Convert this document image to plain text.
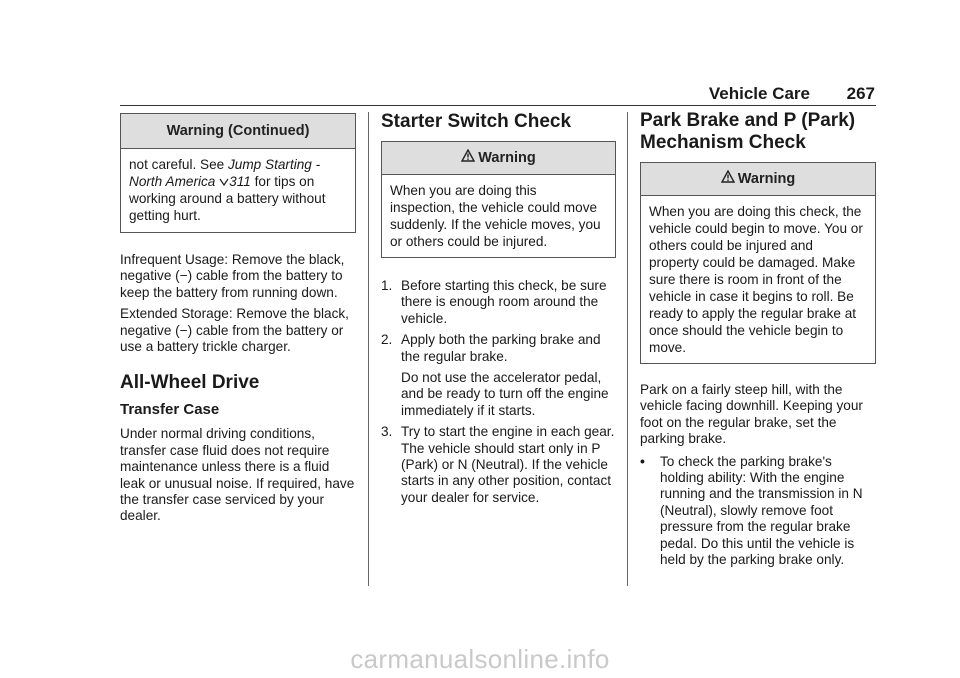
Vehicle Care 267
Warning (Continued)
not careful. See Jump Starting - North America 311 for tips on working around a battery without getting hurt.

Infrequent Usage: Remove the black, negative (−) cable from the battery to keep the battery from running down.

Extended Storage: Remove the black, negative (−) cable from the battery or use a battery trickle charger.

All-Wheel Drive
Transfer Case

Under normal driving conditions, transfer case fluid does not require maintenance unless there is a fluid leak or unusual noise. If required, have the transfer case serviced by your dealer.

Starter Switch Check
Warning
When you are doing this inspection, the vehicle could move suddenly. If the vehicle moves, you or others could be injured.
1. Before starting this check, be sure there is enough room around the vehicle.
2. Apply both the parking brake and the regular brake.
Do not use the accelerator pedal, and be ready to turn off the engine immediately if it starts.
3. Try to start the engine in each gear. The vehicle should start only in P (Park) or N (Neutral). If the vehicle starts in any other position, contact your dealer for service.
Park Brake and P (Park) Mechanism Check
Warning
When you are doing this check, the vehicle could begin to move. You or others could be injured and property could be damaged. Make sure there is room in front of the vehicle in case it begins to roll. Be ready to apply the regular brake at once should the vehicle begin to move.

Park on a fairly steep hill, with the vehicle facing downhill. Keeping your foot on the regular brake, set the parking brake.

• To check the parking brake's holding ability: With the engine running and the transmission in N (Neutral), slowly remove foot pressure from the regular brake pedal. Do this until the vehicle is held by the parking brake only.
carmanualsonline.info
